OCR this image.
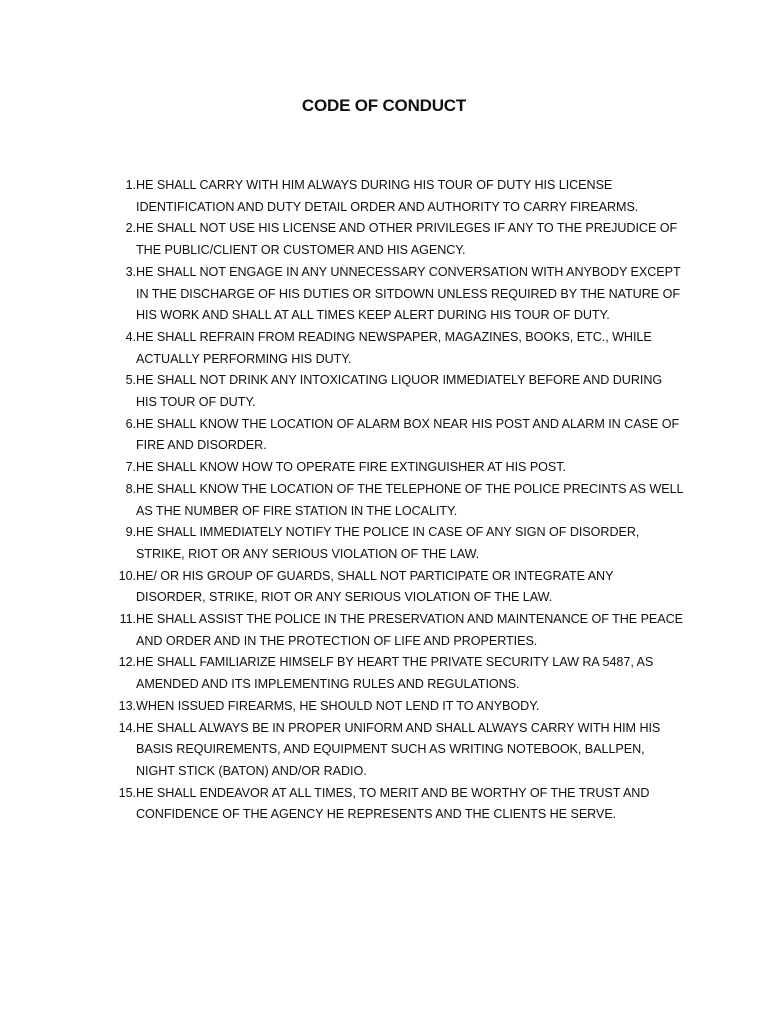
CODE OF CONDUCT
1. HE SHALL CARRY WITH HIM ALWAYS DURING HIS TOUR OF DUTY HIS LICENSE IDENTIFICATION AND DUTY DETAIL ORDER AND AUTHORITY TO CARRY FIREARMS.
2. HE SHALL NOT USE HIS LICENSE AND OTHER PRIVILEGES IF ANY TO THE PREJUDICE OF THE PUBLIC/CLIENT OR CUSTOMER AND HIS AGENCY.
3. HE SHALL NOT ENGAGE IN ANY UNNECESSARY CONVERSATION WITH ANYBODY EXCEPT IN THE DISCHARGE OF HIS DUTIES OR SITDOWN UNLESS REQUIRED BY THE NATURE OF HIS WORK AND SHALL AT ALL TIMES KEEP ALERT DURING HIS TOUR OF DUTY.
4. HE SHALL REFRAIN FROM READING NEWSPAPER, MAGAZINES, BOOKS, ETC., WHILE ACTUALLY PERFORMING HIS DUTY.
5. HE SHALL NOT DRINK ANY INTOXICATING LIQUOR IMMEDIATELY BEFORE AND DURING HIS TOUR OF DUTY.
6. HE SHALL KNOW THE LOCATION OF ALARM BOX NEAR HIS POST AND ALARM IN CASE OF FIRE AND DISORDER.
7. HE SHALL KNOW HOW TO OPERATE FIRE EXTINGUISHER AT HIS POST.
8. HE SHALL KNOW THE LOCATION OF THE TELEPHONE OF THE POLICE PRECINTS AS WELL AS THE NUMBER OF FIRE STATION IN THE LOCALITY.
9. HE SHALL IMMEDIATELY NOTIFY THE POLICE IN CASE OF ANY SIGN OF DISORDER, STRIKE, RIOT OR ANY SERIOUS VIOLATION OF THE LAW.
10. HE/ OR HIS GROUP OF GUARDS, SHALL NOT PARTICIPATE OR INTEGRATE ANY DISORDER, STRIKE, RIOT OR ANY SERIOUS VIOLATION OF THE LAW.
11. HE SHALL ASSIST THE POLICE IN THE PRESERVATION AND MAINTENANCE OF THE PEACE AND ORDER AND IN THE PROTECTION OF LIFE AND PROPERTIES.
12. HE SHALL FAMILIARIZE HIMSELF BY HEART THE PRIVATE SECURITY LAW RA 5487, AS AMENDED AND ITS IMPLEMENTING RULES AND REGULATIONS.
13. WHEN ISSUED FIREARMS, HE SHOULD NOT LEND IT TO ANYBODY.
14. HE SHALL ALWAYS BE IN PROPER UNIFORM AND SHALL ALWAYS CARRY WITH HIM HIS BASIS REQUIREMENTS, AND EQUIPMENT SUCH AS WRITING NOTEBOOK, BALLPEN, NIGHT STICK (BATON) AND/OR RADIO.
15. HE SHALL ENDEAVOR AT ALL TIMES, TO MERIT AND BE WORTHY OF THE TRUST AND CONFIDENCE OF THE AGENCY HE REPRESENTS AND THE CLIENTS HE SERVE.
